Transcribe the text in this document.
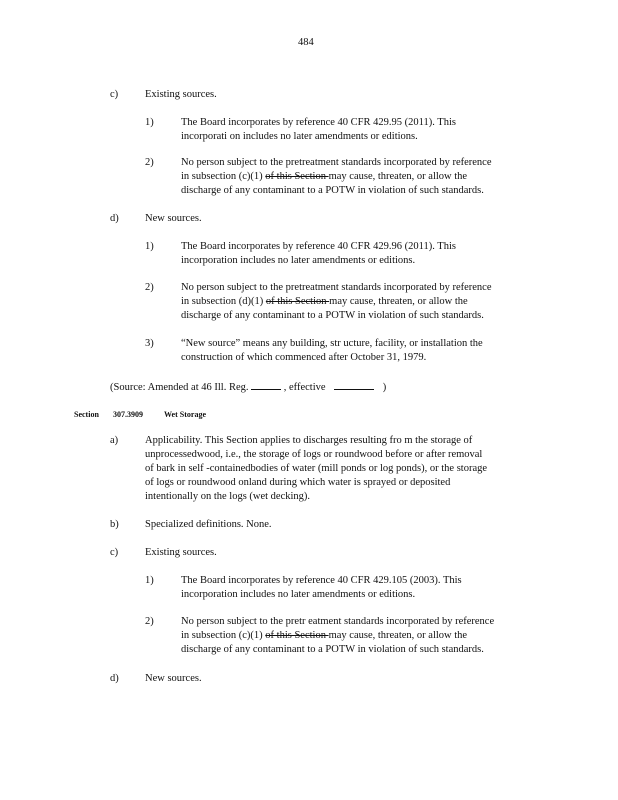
484
c)	Existing sources.
1)	The Board incorporates by reference 40 CFR 429.95 (2011). This
incorporati on includes no later amendments or editions.
2)	No person subject to the pretreatment standards incorporated by reference
in subsection (c)(1) of this Section may cause, threaten, or allow the
discharge of any contaminant to a POTW in violation of such standards.
d)	New sources.
1)	The Board incorporates by reference 40 CFR 429.96 (2011). This
incorporation includes no later amendments or editions.
2)	No person subject to the pretreatment standards incorporated by reference
in subsection (d)(1) of this Section may cause, threaten, or allow the
discharge of any contaminant to a POTW in violation of such standards.
3)	“New source” means any building, str ucture, facility, or installation the
construction of which commenced after October 31, 1979.
(Source: Amended at 46 Ill. Reg.	, effective	)
Section 307.3909	Wet Storage
a)	Applicability. This Section applies to discharges resulting fro m the storage of
unprocessedwood, i.e., the storage of logs or roundwood before or after removal
of bark in self -containedbodies of water (mill ponds or log ponds), or the storage
of logs or roundwood onland during which water is sprayed or deposited
intentionally on the logs (wet decking).
b)	Specialized definitions. None.
c)	Existing sources.
1)	The Board incorporates by reference 40 CFR 429.105 (2003). This
incorporation includes no later amendments or editions.
2)	No person subject to the pretr eatment standards incorporated by reference
in subsection (c)(1) of this Section may cause, threaten, or allow the
discharge of any contaminant to a POTW in violation of such standards.
d)	New sources.
